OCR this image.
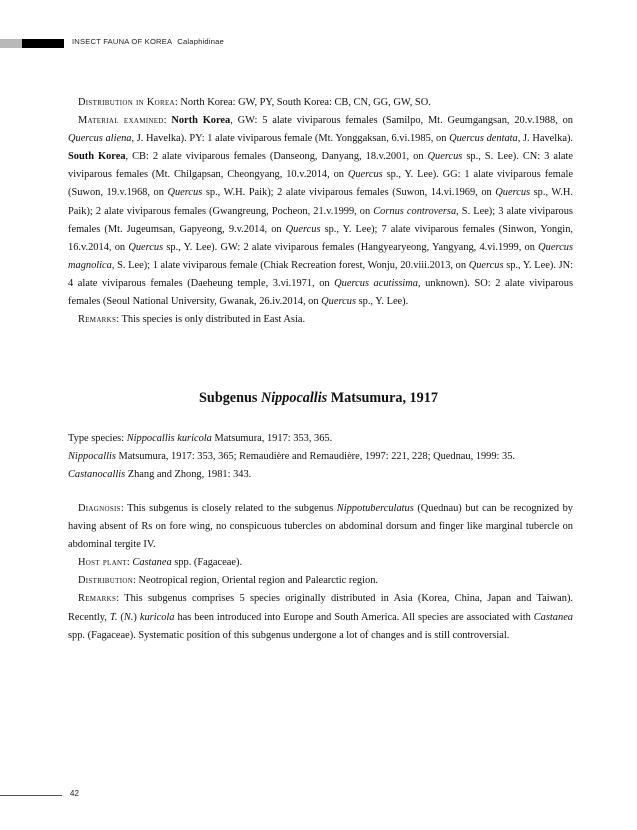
INSECT FAUNA OF KOREA Calaphidinae

Distribution in Korea: North Korea: GW, PY, South Korea: CB, CN, GG, GW, SO.

Material examined: North Korea, GW: 5 alate viviparous females (Samilpo, Mt. Geumgangsan, 20.v.1988, on Quercus aliena, J. Havelka). PY: 1 alate viviparous female (Mt. Yonggaksan, 6.vi.1985, on Quercus dentata, J. Havelka). South Korea, CB: 2 alate viviparous females (Danseong, Danyang, 18.v.2001, on Quercus sp., S. Lee). CN: 3 alate viviparous females (Mt. Chilgapsan, Cheongyang, 10.v.2014, on Quercus sp., Y. Lee). GG: 1 alate viviparous female (Suwon, 19.v.1968, on Quercus sp., W.H. Paik); 2 alate viviparous females (Suwon, 14.vi.1969, on Quercus sp., W.H. Paik); 2 alate viviparous females (Gwangreung, Pocheon, 21.v.1999, on Cornus controversa, S. Lee); 3 alate viviparous females (Mt. Jugeumsan, Gapyeong, 9.v.2014, on Quercus sp., Y. Lee); 7 alate viviparous females (Sinwon, Yongin, 16.v.2014, on Quercus sp., Y. Lee). GW: 2 alate viviparous females (Hangyearyeong, Yangyang, 4.vi.1999, on Quercus magnolica, S. Lee); 1 alate viviparous female (Chiak Recreation forest, Wonju, 20.viii.2013, on Quercus sp., Y. Lee). JN: 4 alate viviparous females (Daeheung temple, 3.vi.1971, on Quercus acutissima, unknown). SO: 2 alate viviparous females (Seoul National University, Gwanak, 26.iv.2014, on Quercus sp., Y. Lee).

Remarks: This species is only distributed in East Asia.

Subgenus Nippocallis Matsumura, 1917

Type species: Nippocallis kuricola Matsumura, 1917: 353, 365.

Nippocallis Matsumura, 1917: 353, 365; Remaudière and Remaudière, 1997: 221, 228; Quednau, 1999: 35.

Castanocallis Zhang and Zhong, 1981: 343.

Diagnosis: This subgenus is closely related to the subgenus Nippotuberculatus (Quednau) but can be recognized by having absent of Rs on fore wing, no conspicuous tubercles on abdominal dorsum and finger like marginal tubercle on abdominal tergite IV.

Host plant: Castanea spp. (Fagaceae).

Distribution: Neotropical region, Oriental region and Palearctic region.

Remarks: This subgenus comprises 5 species originally distributed in Asia (Korea, China, Japan and Taiwan). Recently, T. (N.) kuricola has been introduced into Europe and South America. All species are associated with Castanea spp. (Fagaceae). Systematic position of this subgenus undergone a lot of changes and is still controversial.

42
